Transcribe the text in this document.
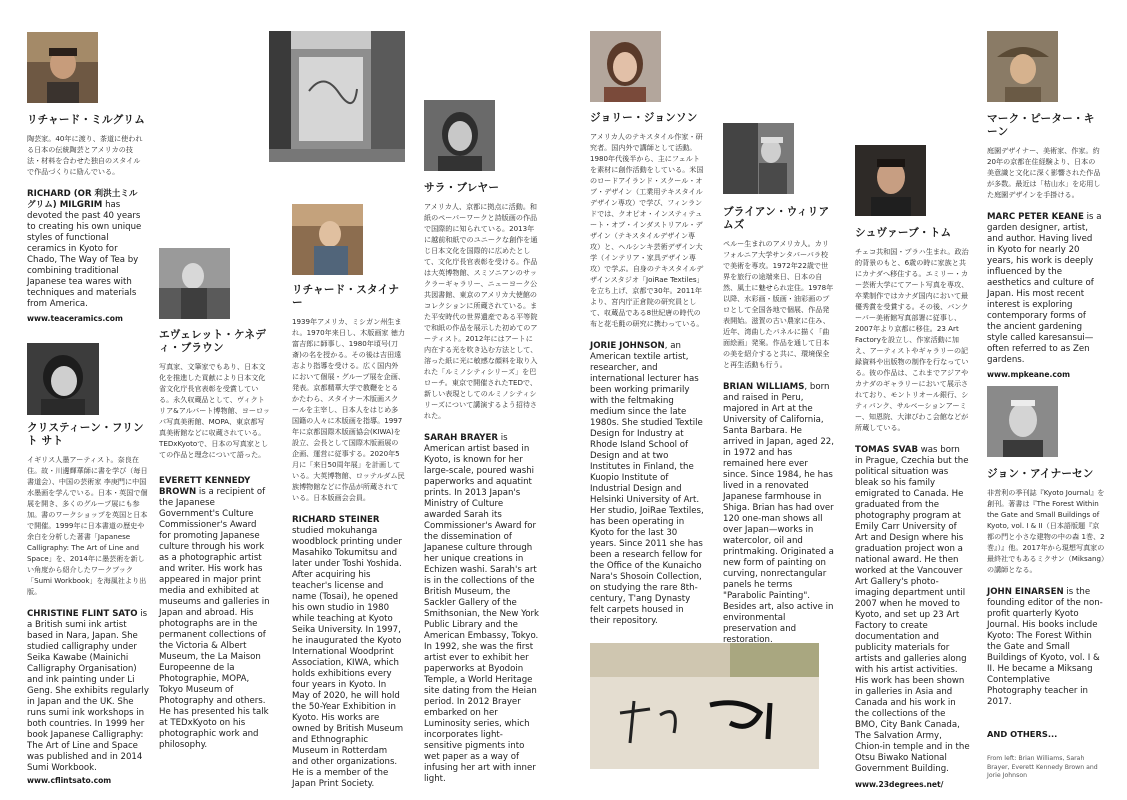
リチャード・ミルグリム

陶芸家。40年に渡り、茶道に使われる日本の伝統陶芸とアメリカの技法・材料を合わせた独自のスタイルで作品づくりに励んでいる。

RICHARD (OR 利洪土ミルグリム) MILGRIM has devoted the past 40 years to creating his own unique styles of functional ceramics in Kyoto for Chado, The Way of Tea by combining traditional Japanese tea wares with techniques and materials from America.

www.teaceramics.com

クリスティーン・フリント サト

イギリス人墨アーティスト。奈良在住。故・川邊輝華師に書を学び（毎日書道会）、中国の芸術家 李庚門に中国水墨画を学んでいる。日本・英国で個展を開き、多くのグループ展にも参加。書のワークショップを英国と日本で開催。1999年に日本書道の歴史や余白を分析した著書「Japanese Calligraphy: The Art of Line and Space」を、2014年に墨芸術を新しい角度から紹介したワークブック「Sumi Workbook」を海風社より出版。

CHRISTINE FLINT SATO is a British sumi ink artist based in Nara, Japan. She studied calligraphy under Seika Kawabe (Mainichi Calligraphy Organisation) and ink painting under Li Geng. She exhibits regularly in Japan and the UK. She runs sumi ink workshops in both countries. In 1999 her book Japanese Calligraphy: The Art of Line and Space was published and in 2014 Sumi Workbook.

www.cflintsato.com

エヴェレット・ケネディ・ブラウン

写真家、文筆家でもあり、日本文化を推進した貢献により日本文化省文化庁長官表彰を受賞している。永久収蔵品として、ヴィクトリア&アルバート博物館、ヨーロッパ写真美術館、MOPA、東京都写真美術館などに収蔵されている。TEDxKyotoで、日本の写真家としての作品と理念について語った。

EVERETT KENNEDY BROWN is a recipient of the Japanese Government's Culture Commissioner's Award for promoting Japanese culture through his work as a photographic artist and writer. His work has appeared in major print media and exhibited at museums and galleries in Japan and abroad. His photographs are in the permanent collections of the Victoria & Albert Museum, the La Maison Europeenne de la Photographie, MOPA, Tokyo Museum of Photography and others. He has presented his talk at TEDxKyoto on his photographic work and philosophy.

リチャード・スタイナー

1939年アメリカ、ミシガン州生まれ。1970年来日し、木版画家 徳力富吉郎に師事し、1980年頃号(刀斎)の名を授かる。その後は吉田遠志より指導を受ける。広く国内外において個展・グループ展を企画、発表。京都精華大学で教鞭をとるかたわら、スタイナー木版画スクールを主宰し、日本人をはじめ多国籍の人々に木版画を指導。1997年に京都国際木版画協会(KIWA)を設立、会長として国際木版画展の企画、運営に従事する。2020年5月に「来日50周年展」を計画している。大英博物館、ロッテルダム民族博物館などに作品が所蔵されている。日本版画会会員。

RICHARD STEINER studied mokuhanga woodblock printing under Masahiko Tokumitsu and later under Toshi Yoshida. After acquiring his teacher's license and name (Tosai), he opened his own studio in 1980 while teaching at Kyoto Seika University. In 1997, he inaugurated the Kyoto International Woodprint Association, KIWA, which holds exhibitions every four years in Kyoto. In May of 2020, he will hold the 50-Year Exhibition in Kyoto. His works are owned by British Museum and Ethnographic Museum in Rotterdam and other organizations. He is a member of the Japan Print Society.

サラ・ブレヤー

アメリカ人、京都に拠点に活動。和紙のペーパーワークと詩版画の作品で国際的に知られている。2013年に越前和紙でのユニークな創作を通じ日本文化を国際的に広めたとして、文化庁長官表彰を受ける。作品は大英博物館、スミソニアンのサックラーギャラリー、ニューヨーク公共図書館、東京のアメリカ大使館のコレクションに所蔵されている。また平安時代の世界遺産である平等院で和紙の作品を展示した初めてのアーティスト。2012年にはアートに内在する光を吹き込む方法として、溶った紙に光に敏感な顔料を取り入れた「ルミノシティシリーズ」を巴ローチ。東京で開催されたTEDで、新しい表現としてのルミノシティシリーズについて講演するよう招待された。

SARAH BRAYER is American artist based in Kyoto, is known for her large-scale, poured washi paperworks and aquatint prints. In 2013 Japan's Ministry of Culture awarded Sarah its Commissioner's Award for the dissemination of Japanese culture through her unique creations in Echizen washi. Sarah's art is in the collections of the British Museum, the Sackler Gallery of the Smithsonian, the New York Public Library and the American Embassy, Tokyo. In 1992, she was the first artist ever to exhibit her paperworks at Byodoin Temple, a World Heritage site dating from the Heian period. In 2012 Brayer embarked on her Luminosity series, which incorporates light-sensitive pigments into wet paper as a way of infusing her art with inner light.

ジョリー・ジョンソン

アメリカ人のテキスタイル作家・研究者。国内外で講師として活動。1980年代後半から、主にフェルトを素材に創作活動をしている。米国のロードアイランド・スクール・オブ・デザイン（工業用テキスタイルデザイン専攻）で学び、フィンランドでは、クオピオ・インスティテュート・オブ・インダストリアル・デザイン（テキスタイルデザイン専攻）と、ヘルシンキ芸術デザイン大学（インテリア・家具デザイン専攻）で学ぶ。自身のテキスタイルデザインスタジオ「JoiRae Textiles」を立ち上げ、京都で30年。2011年より、宮内庁正倉院の研究員として、収蔵品である8世紀唐の時代の布と花毛氈の研究に携わっている。

JORIE JOHNSON, an American textile artist, researcher, and international lecturer has been working primarily with the feltmaking medium since the late 1980s. She studied Textile Design for Industry at Rhode Island School of Design and at two Institutes in Finland, the Kuopio Institute of Industrial Design and Helsinki University of Art. Her studio, JoiRae Textiles, has been operating in Kyoto for the last 30 years. Since 2011 she has been a research fellow for the Office of the Kunaicho Nara's Shosoin Collection, on studying the rare 8th-century, T'ang Dynasty felt carpets housed in their repository.

ブライアン・ウィリアムズ

ペルー生まれのアメリカ人。カリフォルニア大学サンタバーバラ校で美術を専攻。1972年22歳で世界を旅行の途端来日、日本の自然、風土に魅せられ定住。1978年以降、水彩画・版画・油彩画のプロとして全国各地で個展、作品発表開始。滋賀の古い農家に住み、近年、湾曲したパネルに描く「曲面絵画」発案。作品を通して日本の美を紹介すると共に、環境保全と再生活動も行う。

BRIAN WILLIAMS, born and raised in Peru, majored in Art at the University of California, Santa Barbara. He arrived in Japan, aged 22, in 1972 and has remained here ever since. Since 1984, he has lived in a renovated Japanese farmhouse in Shiga. Brian has had over 120 one-man shows all over Japan—works in watercolor, oil and printmaking. Originated a new form of painting on curving, nonrectangular panels he terms "Parabolic Painting". Besides art, also active in environmental preservation and restoration.

シュヴァーブ・トム

チェコ共和国・プラハ生まれ。政治的背景のもと、6歳の時に家族と共にカナダへ移住する。エミリー・カー芸術大学にてアート写真を専攻、卒業制作ではカナダ国内において最優秀賞を受賞する。その後、バンクーバー美術館写真部署に従事し、2007年より京都に移住。23 Art Factoryを設立し、作家活動に加え、アーティストやギャラリーの記録資料や出版物の制作を行なっている。彼の作品は、これまでアジアやカナダのギャラリーにおいて展示されており、モントリオール銀行、シティバンク、サルベーションアーミー、知恩院、大津びわこ会館などが所蔵している。

TOMAS SVAB was born in Prague, Czechia but the political situation was bleak so his family emigrated to Canada. He graduated from the photography program at Emily Carr University of Art and Design where his graduation project won a national award. He then worked at the Vancouver Art Gallery's photo-imaging department until 2007 when he moved to Kyoto, and set up 23 Art Factory to create documentation and publicity materials for artists and galleries along with his artist activities. His work has been shown in galleries in Asia and Canada and his work in the collections of the BMO, City Bank Canada, The Salvation Army, Chion-in temple and in the Otsu Biwako National Government Building.

www.23degrees.net/

マーク・ピーター・キーン

庭園デザイナー、美術家、作家。約20年の京都在住経験より、日本の美意識と文化に深く影響された作品が多数。最近は「枯山水」を応用した庭園デザインを手掛ける。

MARC PETER KEANE is a garden designer, artist, and author. Having lived in Kyoto for nearly 20 years, his work is deeply influenced by the aesthetics and culture of Japan. His most recent interest is exploring contemporary forms of the ancient gardening style called karesansui—often referred to as Zen gardens.

www.mpkeane.com

ジョン・アイナーセン

非営利の季刊誌『Kyoto Journal』を創刊。著書は『The Forest Within the Gate and Small Buildings of Kyoto, vol. I & II（日本語版題『京都の門と小さな建物の中の森 1巻、2巻』）』他。2017年から現想写真家の最終社でもあるミクサン（Miksang）の講師となる。

JOHN EINARSEN is the founding editor of the non-profit quarterly Kyoto Journal. His books include Kyoto: The Forest Within the Gate and Small Buildings of Kyoto, vol. I & II. He became a Miksang Contemplative Photography teacher in 2017.

AND OTHERS...
From left: Brian Williams, Sarah Brayer, Everett Kennedy Brown and Jorie Johnson
